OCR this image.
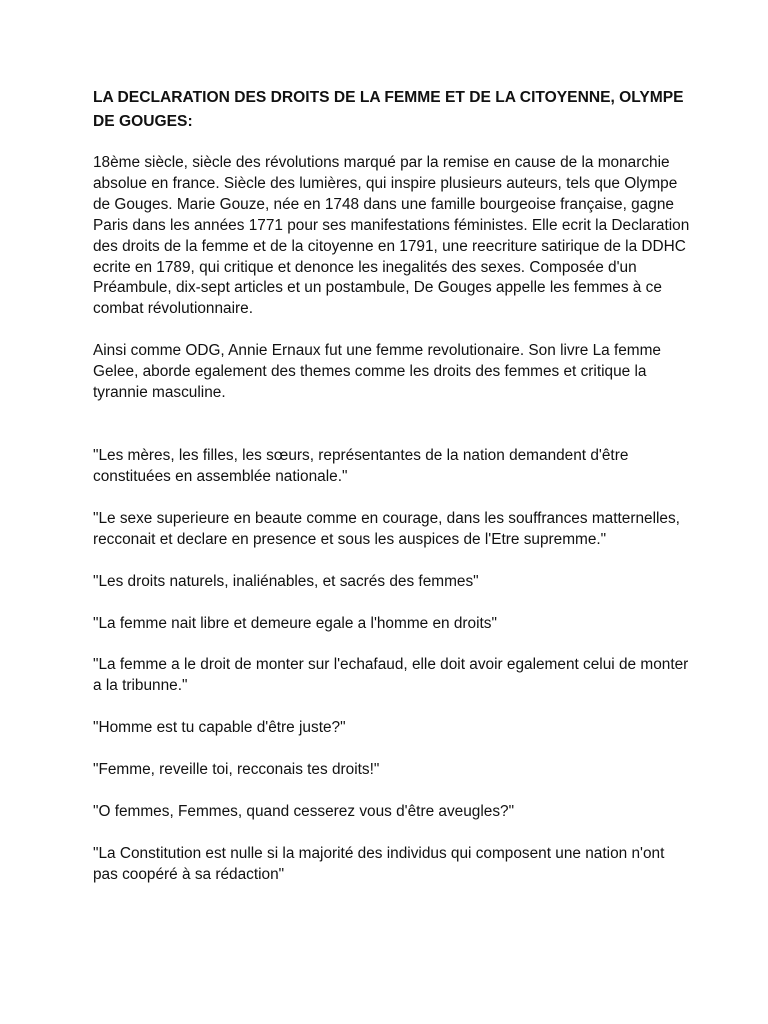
LA DECLARATION DES DROITS DE LA FEMME ET DE LA CITOYENNE, OLYMPE DE GOUGES:

18ème siècle, siècle des révolutions marqué par la remise en cause de la monarchie absolue en france. Siècle des lumières, qui inspire plusieurs auteurs, tels que Olympe de Gouges. Marie Gouze, née en 1748 dans une famille bourgeoise française, gagne Paris dans les années 1771 pour ses manifestations féministes. Elle ecrit la Declaration des droits de la femme et de la citoyenne en 1791, une reecriture satirique de la DDHC ecrite en 1789, qui critique et denonce les inegalités des sexes. Composée d'un Préambule, dix-sept articles et un postambule, De Gouges appelle les femmes à ce combat révolutionnaire.

Ainsi comme ODG, Annie Ernaux fut une femme revolutionaire. Son livre La femme Gelee, aborde egalement des themes comme les droits des femmes et critique la tyrannie masculine.

"Les mères, les filles, les sœurs, représentantes de la nation demandent d'être constituées en assemblée nationale."

"Le sexe superieure en beaute comme en courage, dans les souffrances matternelles, recconait et declare en presence et sous les auspices de l'Etre supremme."

"Les droits naturels, inaliénables, et sacrés des femmes"

"La femme nait libre et demeure egale a l'homme en droits"

"La femme a le droit de monter sur l'echafaud, elle doit avoir egalement celui de monter a la tribunne."

"Homme est tu capable d'être juste?"

"Femme, reveille toi, recconais tes droits!"

"O femmes, Femmes, quand cesserez vous d'être aveugles?"

"La Constitution est nulle si la majorité des individus qui composent une nation n'ont pas coopéré à sa rédaction"
